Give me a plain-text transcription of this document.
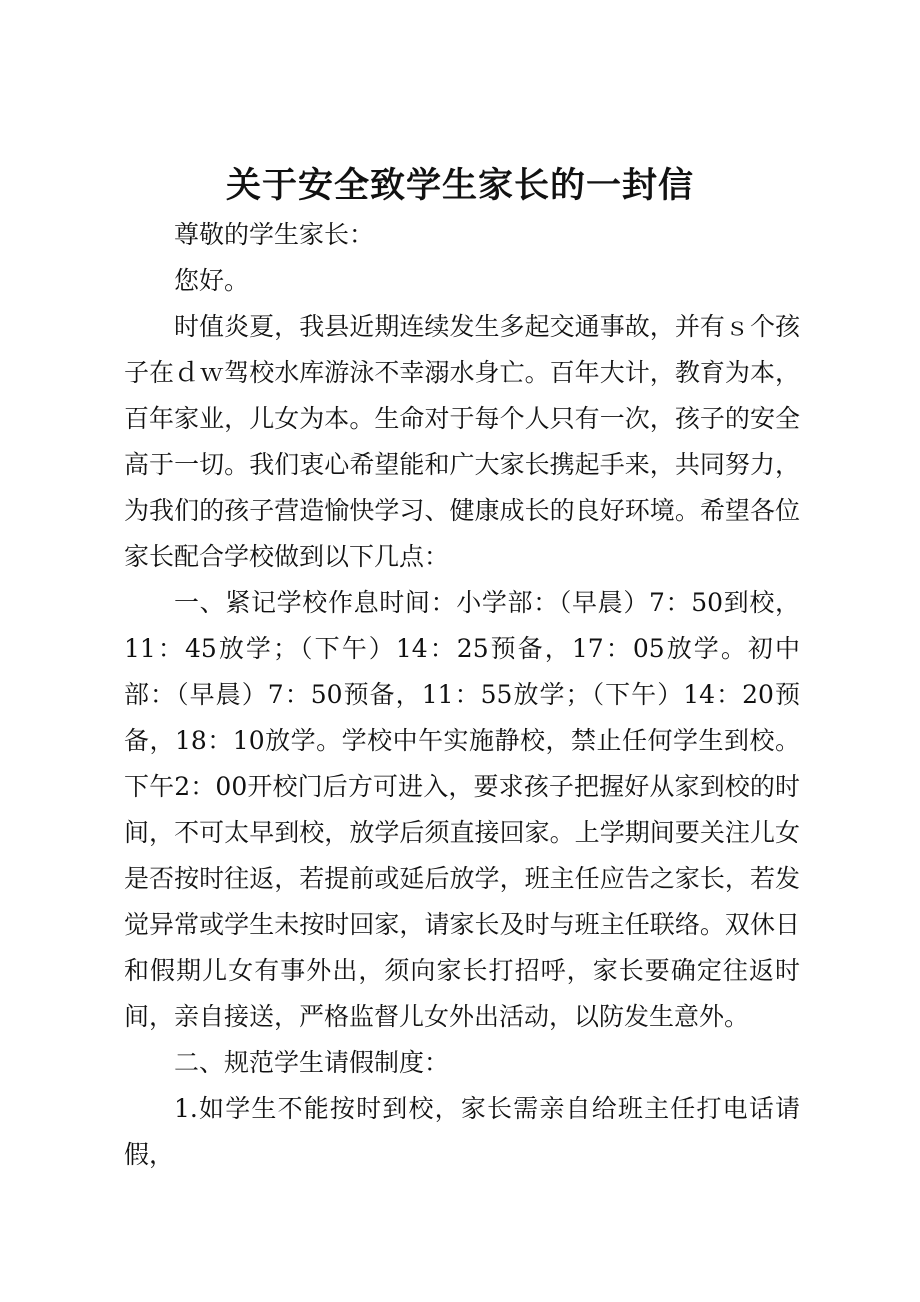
关于安全致学生家长的一封信

尊敬的学生家长：

您好。

时值炎夏，我县近期连续发生多起交通事故，并有ｓ个孩子在ｄｗ驾校水库游泳不幸溺水身亡。百年大计，教育为本，百年家业，儿女为本。生命对于每个人只有一次，孩子的安全高于一切。我们衷心希望能和广大家长携起手来，共同努力，为我们的孩子营造愉快学习、健康成长的良好环境。希望各位家长配合学校做到以下几点：

一、紧记学校作息时间：小学部：（早晨）7：50到校，11：45放学；（下午）14：25预备，17：05放学。初中部：（早晨）7：50预备，11：55放学；（下午）14：20预备，18：10放学。学校中午实施静校，禁止任何学生到校。下午2：00开校门后方可进入，要求孩子把握好从家到校的时间，不可太早到校，放学后须直接回家。上学期间要关注儿女是否按时往返，若提前或延后放学，班主任应告之家长，若发觉异常或学生未按时回家，请家长及时与班主任联络。双休日和假期儿女有事外出，须向家长打招呼，家长要确定往返时间，亲自接送，严格监督儿女外出活动，以防发生意外。

二、规范学生请假制度：

1.如学生不能按时到校，家长需亲自给班主任打电话请假，
